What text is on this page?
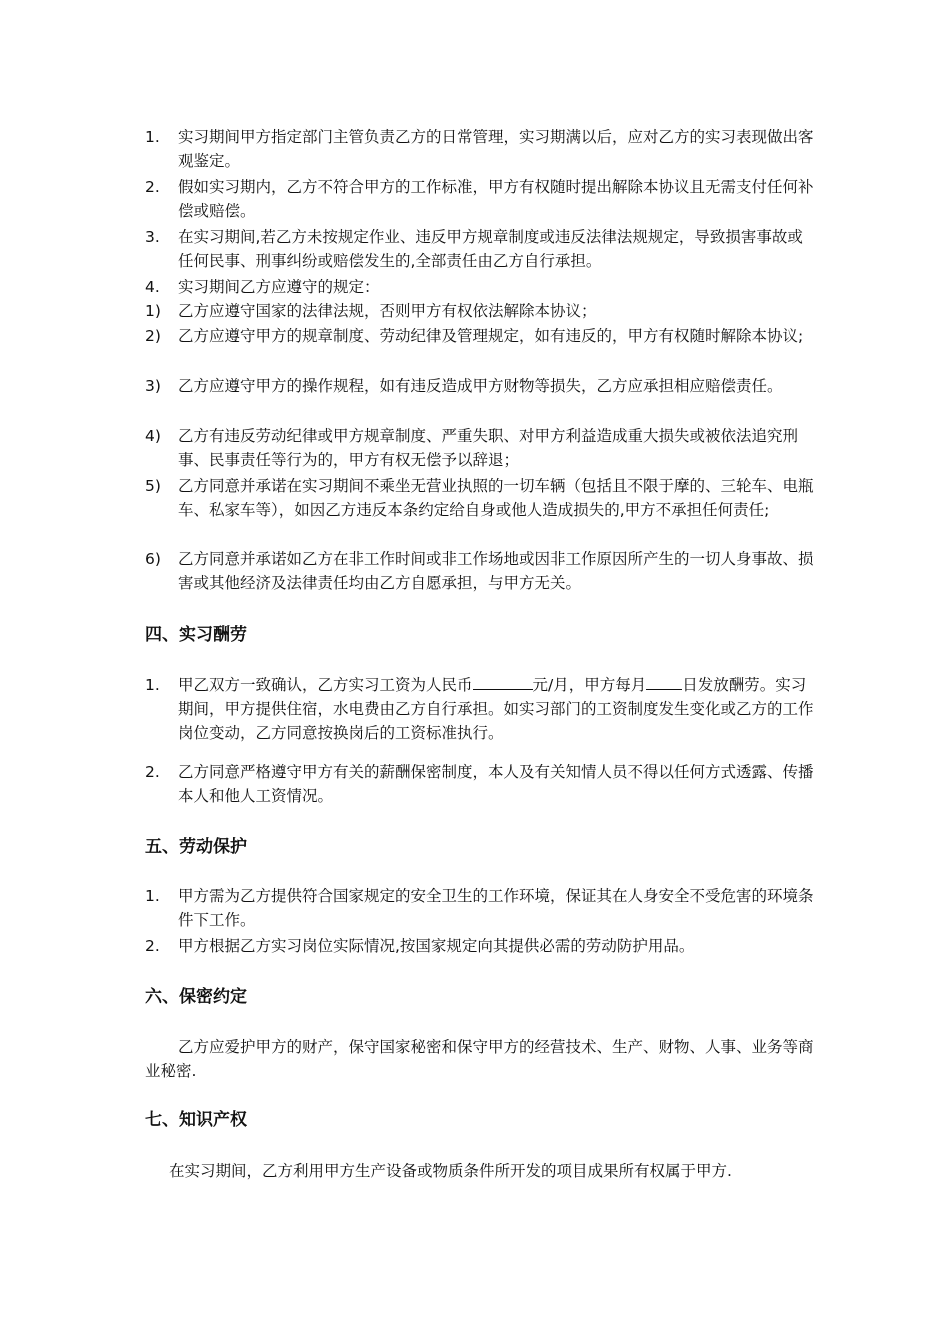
1.	实习期间甲方指定部门主管负责乙方的日常管理，实习期满以后，应对乙方的实习表现做出客观鉴定。
2.	假如实习期内，乙方不符合甲方的工作标准，甲方有权随时提出解除本协议且无需支付任何补偿或赔偿。
3.	在实习期间,若乙方未按规定作业、违反甲方规章制度或违反法律法规规定，导致损害事故或任何民事、刑事纠纷或赔偿发生的,全部责任由乙方自行承担。
4.	实习期间乙方应遵守的规定：
1)	乙方应遵守国家的法律法规，否则甲方有权依法解除本协议；
2)	乙方应遵守甲方的规章制度、劳动纪律及管理规定，如有违反的，甲方有权随时解除本协议;
3)	乙方应遵守甲方的操作规程，如有违反造成甲方财物等损失，乙方应承担相应赔偿责任。
4)	乙方有违反劳动纪律或甲方规章制度、严重失职、对甲方利益造成重大损失或被依法追究刑事、民事责任等行为的，甲方有权无偿予以辞退；
5)	乙方同意并承诺在实习期间不乘坐无营业执照的一切车辆（包括且不限于摩的、三轮车、电瓶车、私家车等），如因乙方违反本条约定给自身或他人造成损失的,甲方不承担任何责任;
6)	乙方同意并承诺如乙方在非工作时间或非工作场地或因非工作原因所产生的一切人身事故、损害或其他经济及法律责任均由乙方自愿承担，与甲方无关。
四、实习酬劳
1.	甲乙双方一致确认，乙方实习工资为人民币	元/月，甲方每月 日发放酬劳。实习期间，甲方提供住宿，水电费由乙方自行承担。如实习部门的工资制度发生变化或乙方的工作岗位变动，乙方同意按换岗后的工资标准执行。
2.	乙方同意严格遵守甲方有关的薪酬保密制度，本人及有关知情人员不得以任何方式透露、传播本人和他人工资情况。
五、劳动保护
1.	甲方需为乙方提供符合国家规定的安全卫生的工作环境，保证其在人身安全不受危害的环境条件下工作。
2.	甲方根据乙方实习岗位实际情况,按国家规定向其提供必需的劳动防护用品。
六、保密约定
乙方应爱护甲方的财产，保守国家秘密和保守甲方的经营技术、生产、财物、人事、业务等商业秘密.
七、知识产权
在实习期间，乙方利用甲方生产设备或物质条件所开发的项目成果所有权属于甲方.
